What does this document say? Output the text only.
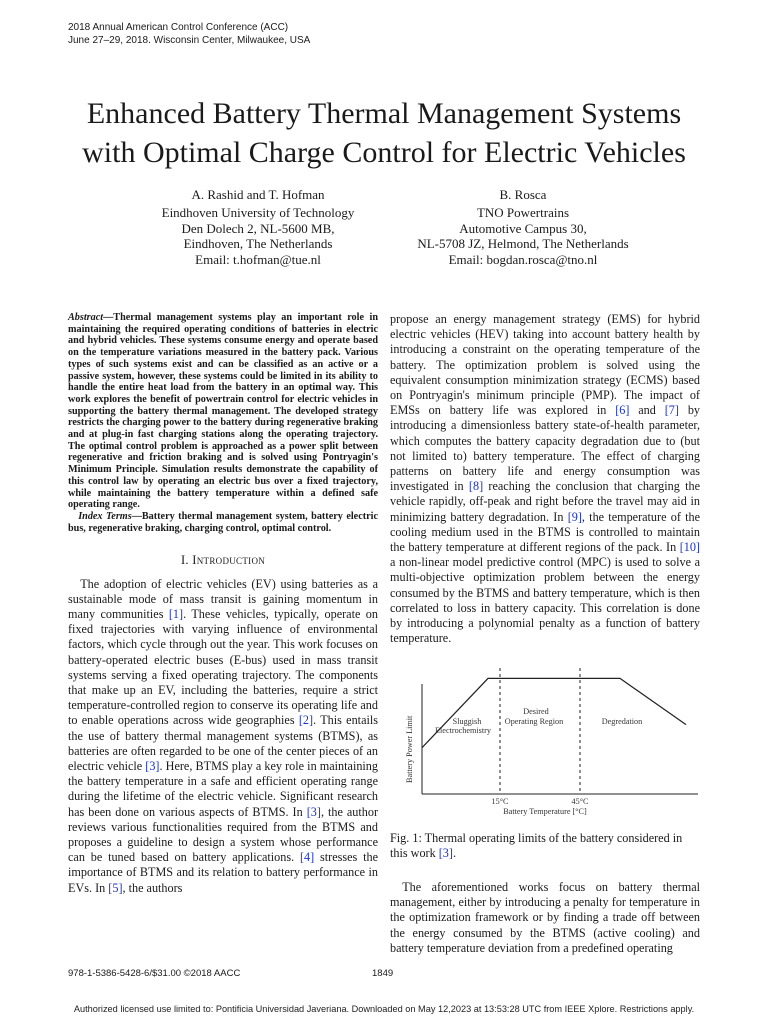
2018 Annual American Control Conference (ACC)
June 27–29, 2018. Wisconsin Center, Milwaukee, USA
Enhanced Battery Thermal Management Systems
with Optimal Charge Control for Electric Vehicles
A. Rashid and T. Hofman
Eindhoven University of Technology
Den Dolech 2, NL-5600 MB,
Eindhoven, The Netherlands
Email: t.hofman@tue.nl
B. Rosca
TNO Powertrains
Automotive Campus 30,
NL-5708 JZ, Helmond, The Netherlands
Email: bogdan.rosca@tno.nl

Abstract—Thermal management systems play an important role in maintaining the required operating conditions of batteries in electric and hybrid vehicles. These systems consume energy and operate based on the temperature variations measured in the battery pack. Various types of such systems exist and can be classified as an active or a passive system, however, these systems could be limited in its ability to handle the entire heat load from the battery in an optimal way. This work explores the benefit of powertrain control for electric vehicles in supporting the battery thermal management. The developed strategy restricts the charging power to the battery during regenerative braking and at plug-in fast charging stations along the operating trajectory. The optimal control problem is approached as a power split between regenerative and friction braking and is solved using Pontryagin's Minimum Principle. Simulation results demonstrate the capability of this control law by operating an electric bus over a fixed trajectory, while maintaining the battery temperature within a defined safe operating range.

Index Terms—Battery thermal management system, battery electric bus, regenerative braking, charging control, optimal control.

I. Introduction

The adoption of electric vehicles (EV) using batteries as a sustainable mode of mass transit is gaining momentum in many communities [1]. These vehicles, typically, operate on fixed trajectories with varying influence of environmental factors, which cycle through out the year. This work focuses on battery-operated electric buses (E-bus) used in mass transit systems serving a fixed operating trajectory. The components that make up an EV, including the batteries, require a strict temperature-controlled region to conserve its operating life and to enable operations across wide geographies [2]. This entails the use of battery thermal management systems (BTMS), as batteries are often regarded to be one of the center pieces of an electric vehicle [3]. Here, BTMS play a key role in maintaining the battery temperature in a safe and efficient operating range during the lifetime of the electric vehicle. Significant research has been done on various aspects of BTMS. In [3], the author reviews various functionalities required from the BTMS and proposes a guideline to design a system whose performance can be tuned based on battery applications. [4] stresses the importance of BTMS and its relation to battery performance in EVs. In [5], the authors

propose an energy management strategy (EMS) for hybrid electric vehicles (HEV) taking into account battery health by introducing a constraint on the operating temperature of the battery. The optimization problem is solved using the equivalent consumption minimization strategy (ECMS) based on Pontryagin's minimum principle (PMP). The impact of EMSs on battery life was explored in [6] and [7] by introducing a dimensionless battery state-of-health parameter, which computes the battery capacity degradation due to (but not limited to) battery temperature. The effect of charging patterns on battery life and energy consumption was investigated in [8] reaching the conclusion that charging the vehicle rapidly, off-peak and right before the travel may aid in minimizing battery degradation. In [9], the temperature of the cooling medium used in the BTMS is controlled to maintain the battery temperature at different regions of the pack. In [10] a non-linear model predictive control (MPC) is used to solve a multi-objective optimization problem between the energy consumed by the BTMS and battery temperature, which is then correlated to loss in battery capacity. This correlation is done by introducing a polynomial penalty as a function of battery temperature.

Battery Power Limit	Sluggish
Electrochemistry
Desired
Operating Region	Degredation
15°C	45°C
Battery Temperature [°C]

Fig. 1: Thermal operating limits of the battery considered in this work [3].

The aforementioned works focus on battery thermal management, either by introducing a penalty for temperature in the optimization framework or by finding a trade off between the energy consumed by the BTMS (active cooling) and battery temperature deviation from a predefined operating

978-1-5386-5428-6/$31.00 ©2018 AACC	1849
Authorized licensed use limited to: Pontificia Universidad Javeriana. Downloaded on May 12,2023 at 13:53:28 UTC from IEEE Xplore. Restrictions apply.
